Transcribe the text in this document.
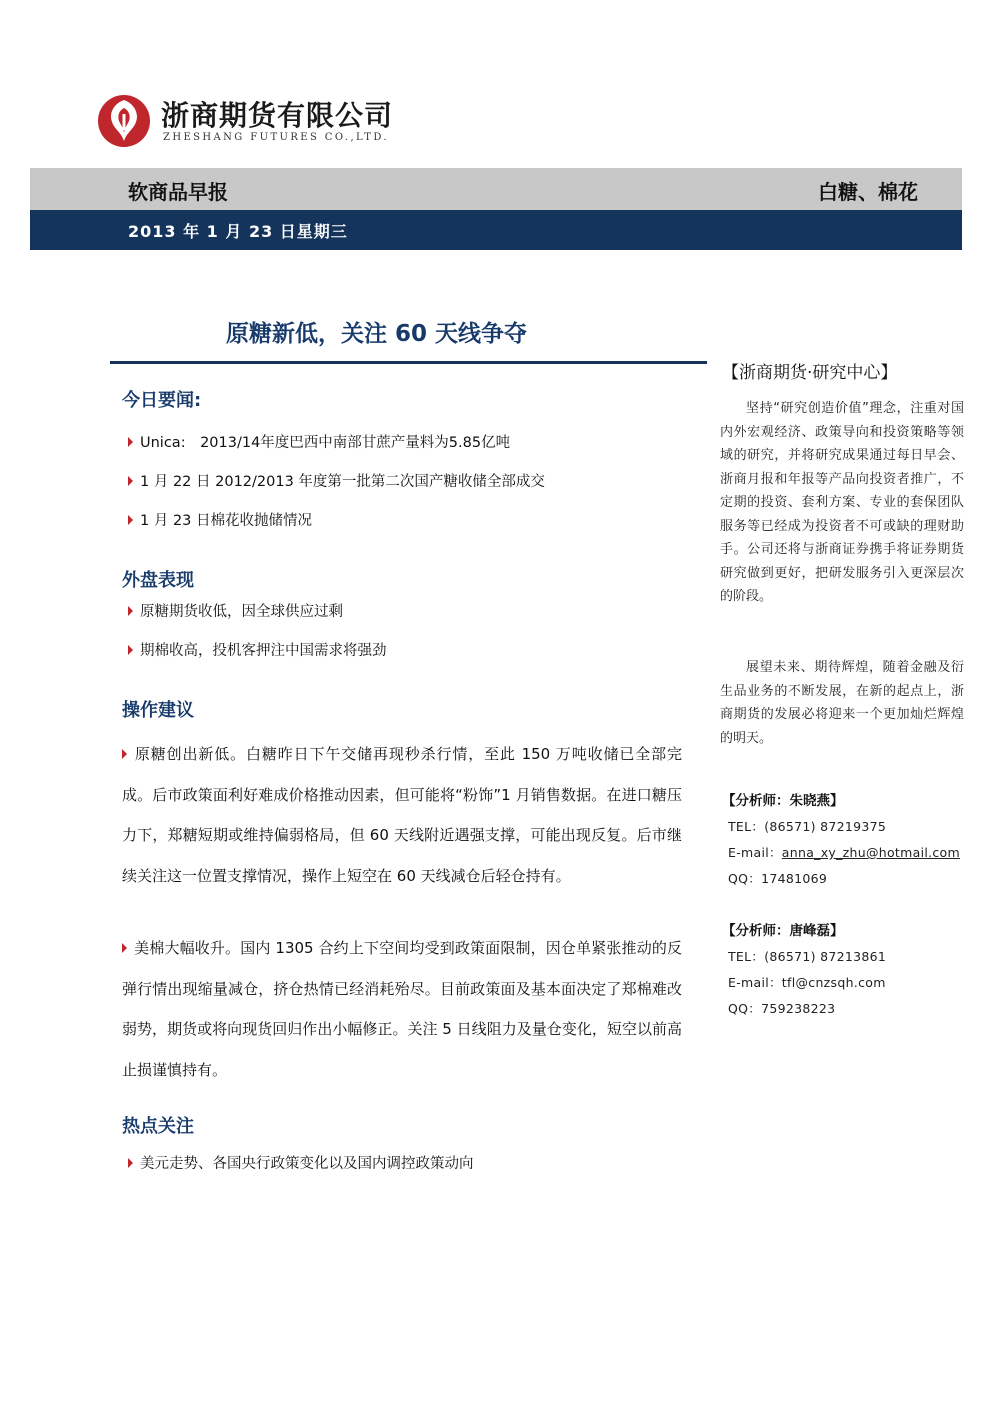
浙商期货有限公司
ZHESHANG FUTURES CO.,LTD.
软商品早报	白糖、棉花
2013 年 1 月 23 日星期三
原糖新低，关注 60 天线争夺
今日要闻:
Unica:　2013/14年度巴西中南部甘蔗产量料为5.85亿吨
1 月 22 日 2012/2013 年度第一批第二次国产糖收储全部成交
1 月 23 日棉花收抛储情况
外盘表现
原糖期货收低，因全球供应过剩
期棉收高，投机客押注中国需求将强劲
操作建议
原糖创出新低。白糖昨日下午交储再现秒杀行情，至此 150 万吨收储已全部完成。后市政策面利好难成价格推动因素，但可能将“粉饰”1 月销售数据。在进口糖压力下，郑糖短期或维持偏弱格局，但 60 天线附近遇强支撑，可能出现反复。后市继续关注这一位置支撑情况，操作上短空在 60 天线减仓后轻仓持有。
美棉大幅收升。国内 1305 合约上下空间均受到政策面限制，因仓单紧张推动的反弹行情出现缩量减仓，挤仓热情已经消耗殆尽。目前政策面及基本面决定了郑棉难改弱势，期货或将向现货回归作出小幅修正。关注 5 日线阻力及量仓变化，短空以前高止损谨慎持有。
热点关注
美元走势、各国央行政策变化以及国内调控政策动向
【浙商期货·研究中心】
坚持“研究创造价值”理念，注重对国内外宏观经济、政策导向和投资策略等领域的研究，并将研究成果通过每日早会、浙商月报和年报等产品向投资者推广，不定期的投资、套利方案、专业的套保团队服务等已经成为投资者不可或缺的理财助手。公司还将与浙商证券携手将证券期货研究做到更好，把研发服务引入更深层次的阶段。
展望未来、期待辉煌，随着金融及衍生品业务的不断发展，在新的起点上，浙商期货的发展必将迎来一个更加灿烂辉煌的明天。
【分析师：朱晓燕】
TEL：(86571) 87219375
E-mail：anna_xy_zhu@hotmail.com
QQ：17481069
【分析师：唐峰磊】
TEL：(86571) 87213861
E-mail：tfl@cnzsqh.com
QQ：759238223
